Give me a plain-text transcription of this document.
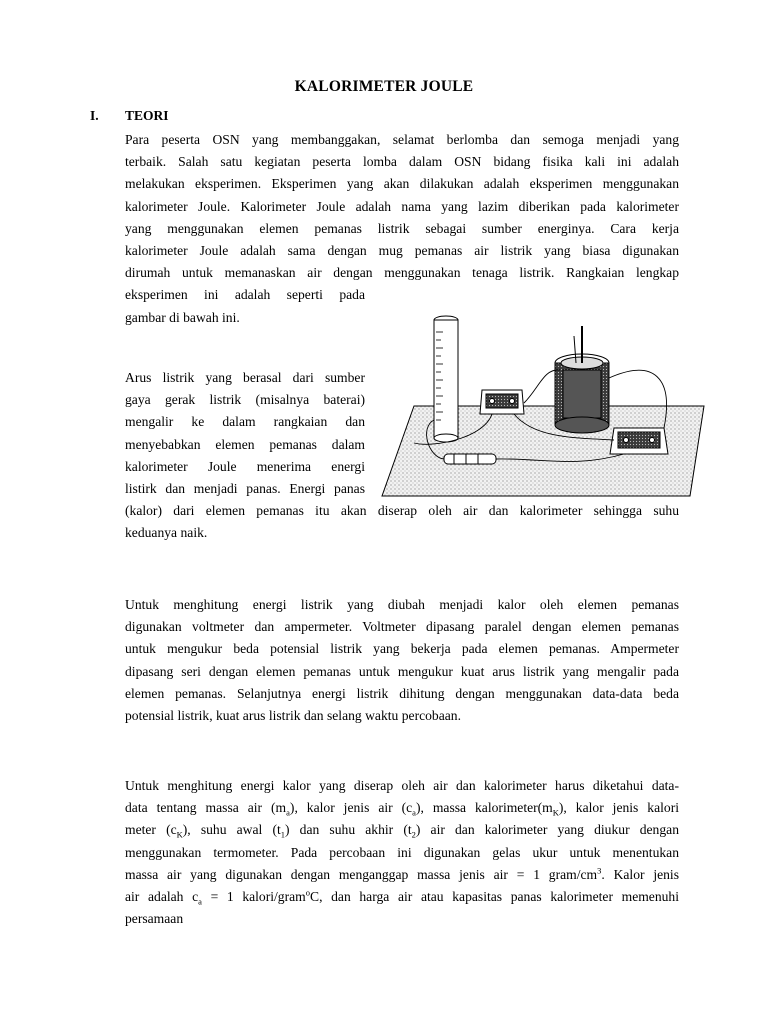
KALORIMETER JOULE
I. TEORI
Para peserta OSN yang membanggakan, selamat berlomba dan semoga menjadi yang
terbaik. Salah satu kegiatan peserta lomba dalam OSN bidang fisika kali ini adalah
melakukan eksperimen. Eksperimen yang akan dilakukan adalah eksperimen menggunakan
kalorimeter Joule. Kalorimeter Joule adalah nama yang lazim diberikan pada kalorimeter
yang menggunakan elemen pemanas listrik sebagai sumber energinya. Cara kerja
kalorimeter Joule adalah sama dengan mug pemanas air listrik yang biasa digunakan
dirumah untuk memanaskan air dengan menggunakan tenaga listrik. Rangkaian lengkap
eksperimen ini adalah seperti pada
gambar di bawah ini.
Arus listrik yang berasal dari sumber
gaya gerak listrik (misalnya baterai)
mengalir ke dalam rangkaian dan
menyebabkan elemen pemanas dalam
kalorimeter Joule menerima energi
listirk dan menjadi panas. Energi panas
(kalor) dari elemen pemanas itu akan diserap oleh air dan kalorimeter sehingga suhu
keduanya naik.
Untuk menghitung energi listrik yang diubah menjadi kalor oleh elemen pemanas
digunakan voltmeter dan ampermeter. Voltmeter dipasang paralel dengan elemen pemanas
untuk mengukur beda potensial listrik yang bekerja pada elemen pemanas. Ampermeter
dipasang seri dengan elemen pemanas untuk mengukur kuat arus listrik yang mengalir pada
elemen pemanas. Selanjutnya energi listrik dihitung dengan menggunakan data-data beda
potensial listrik, kuat arus listrik dan selang waktu percobaan.
Untuk menghitung energi kalor yang diserap oleh air dan kalorimeter harus diketahui data-
data tentang massa air $(m_a)$, kalor jenis air $(c_a)$, massa $kalorimeter(m_K)$, kalor jenis kalori
meter $(c_K)$, suhu awal $(t_1)$ dan suhu akhir $(t_2)$ air dan kalorimeter yang diukur dengan
menggunakan termometer. Pada percobaan ini digunakan gelas ukur untuk menentukan
massa air yang digunakan dengan menganggap massa jenis air = 1 gram/$cm^3$. Kalor jenis
air adalah $c_a = 1$ kalori/gram$^o$C, dan harga air atau kapasitas panas kalorimeter memenuhi
persamaan
